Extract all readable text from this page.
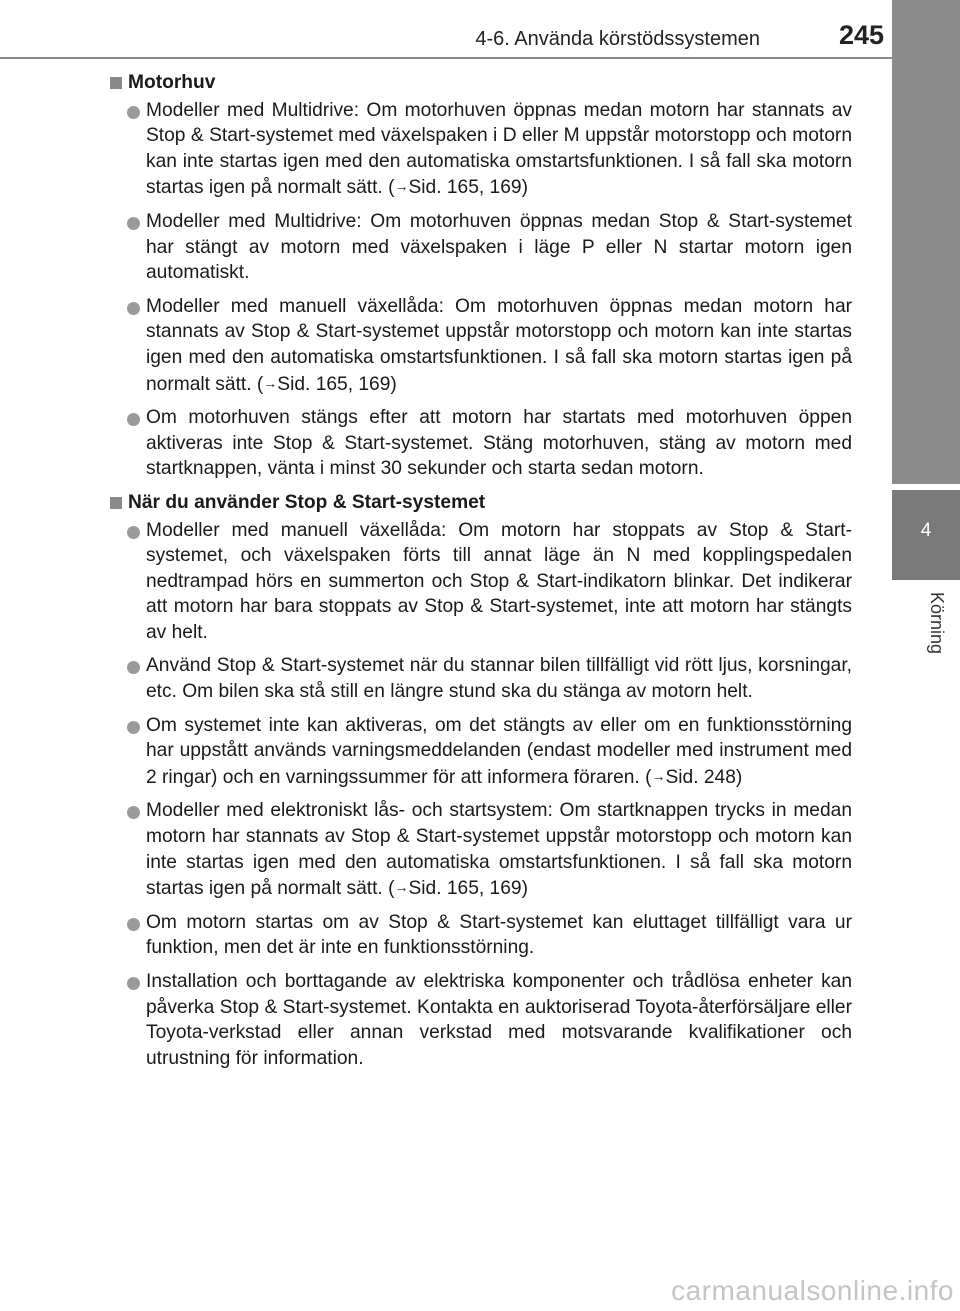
4-6. Använda körstödssystemen	245
4
Körning
Motorhuv
Modeller med Multidrive: Om motorhuven öppnas medan motorn har stannats av Stop & Start-systemet med växelspaken i D eller M uppstår motorstopp och motorn kan inte startas igen med den automatiska omstartsfunktionen. I så fall ska motorn startas igen på normalt sätt. (→Sid. 165, 169)
Modeller med Multidrive: Om motorhuven öppnas medan Stop & Start-systemet har stängt av motorn med växelspaken i läge P eller N startar motorn igen automatiskt.
Modeller med manuell växellåda: Om motorhuven öppnas medan motorn har stannats av Stop & Start-systemet uppstår motorstopp och motorn kan inte startas igen med den automatiska omstartsfunktionen. I så fall ska motorn startas igen på normalt sätt. (→Sid. 165, 169)
Om motorhuven stängs efter att motorn har startats med motorhuven öppen aktiveras inte Stop & Start-systemet. Stäng motorhuven, stäng av motorn med startknappen, vänta i minst 30 sekunder och starta sedan motorn.
När du använder Stop & Start-systemet
Modeller med manuell växellåda: Om motorn har stoppats av Stop & Start-systemet, och växelspaken förts till annat läge än N med kopplingspedalen nedtrampad hörs en summerton och Stop & Start-indikatorn blinkar. Det indikerar att motorn har bara stoppats av Stop & Start-systemet, inte att motorn har stängts av helt.
Använd Stop & Start-systemet när du stannar bilen tillfälligt vid rött ljus, korsningar, etc. Om bilen ska stå still en längre stund ska du stänga av motorn helt.
Om systemet inte kan aktiveras, om det stängts av eller om en funktionsstörning har uppstått används varningsmeddelanden (endast modeller med instrument med 2 ringar) och en varningssummer för att informera föraren. (→Sid. 248)
Modeller med elektroniskt lås- och startsystem: Om startknappen trycks in medan motorn har stannats av Stop & Start-systemet uppstår motorstopp och motorn kan inte startas igen med den automatiska omstartsfunktionen. I så fall ska motorn startas igen på normalt sätt. (→Sid. 165, 169)
Om motorn startas om av Stop & Start-systemet kan eluttaget tillfälligt vara ur funktion, men det är inte en funktionsstörning.
Installation och borttagande av elektriska komponenter och trådlösa enheter kan påverka Stop & Start-systemet. Kontakta en auktoriserad Toyota-återförsäljare eller Toyota-verkstad eller annan verkstad med motsvarande kvalifikationer och utrustning för information.
carmanualsonline.info
